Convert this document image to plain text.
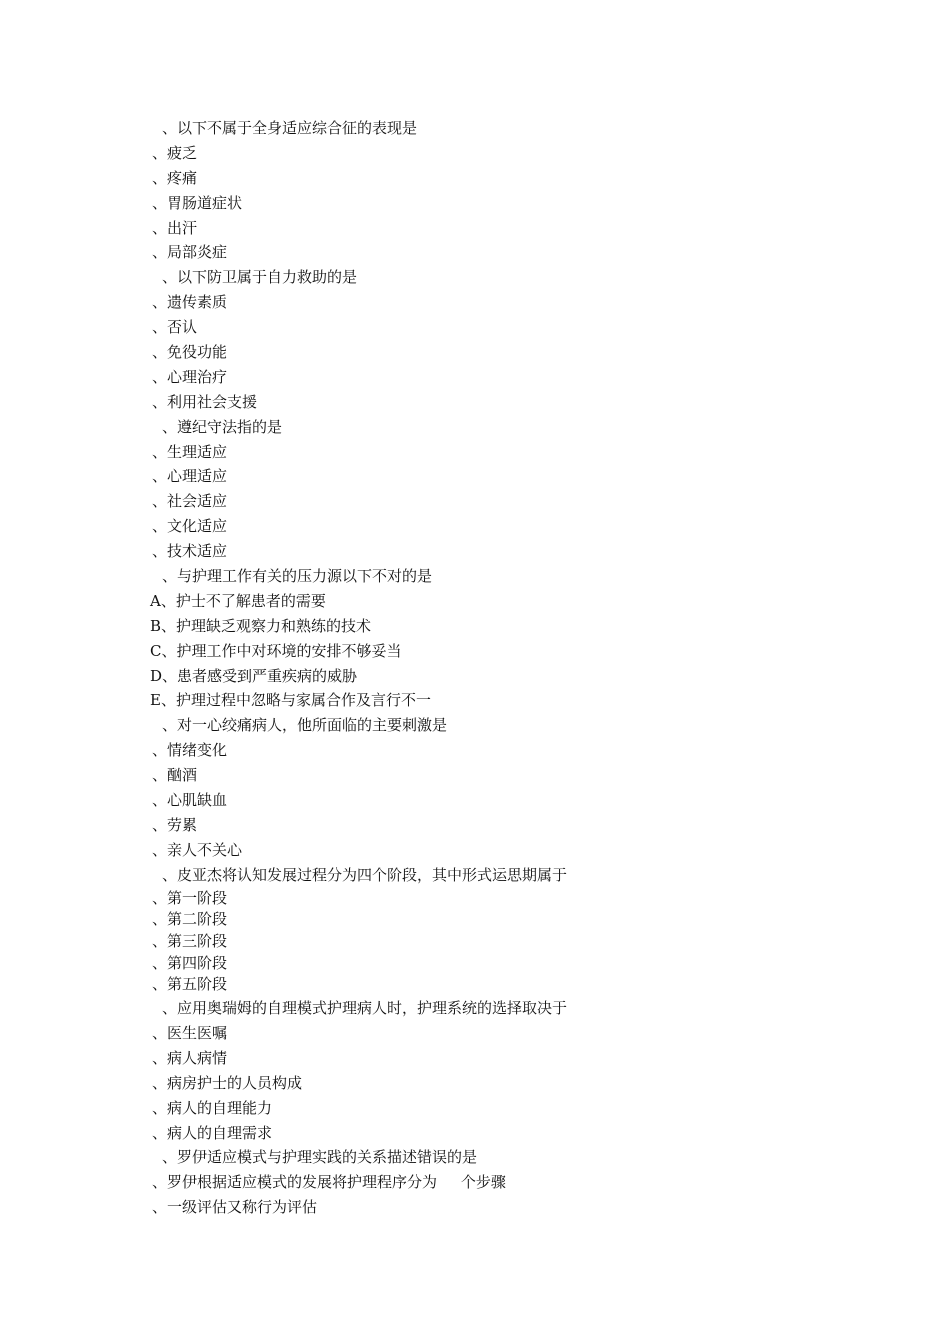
、以下不属于全身适应综合征的表现是
、疲乏
、疼痛
、胃肠道症状
、出汗
、局部炎症
、以下防卫属于自力救助的是
、遗传素质
、否认
、免役功能
、心理治疗
、利用社会支援
、遵纪守法指的是
、生理适应
、心理适应
、社会适应
、文化适应
、技术适应
、与护理工作有关的压力源以下不对的是
A、护士不了解患者的需要
B、护理缺乏观察力和熟练的技术
C、护理工作中对环境的安排不够妥当
D、患者感受到严重疾病的威胁
E、护理过程中忽略与家属合作及言行不一
、对一心绞痛病人，他所面临的主要刺激是
、情绪变化
、酗酒
、心肌缺血
、劳累
、亲人不关心
、皮亚杰将认知发展过程分为四个阶段，其中形式运思期属于
、第一阶段
、第二阶段
、第三阶段
、第四阶段
、第五阶段
、应用奥瑞姆的自理模式护理病人时，护理系统的选择取决于
、医生医嘱
、病人病情
、病房护士的人员构成
、病人的自理能力
、病人的自理需求
、罗伊适应模式与护理实践的关系描述错误的是
、罗伊根据适应模式的发展将护理程序分为     个步骤
、一级评估又称行为评估
